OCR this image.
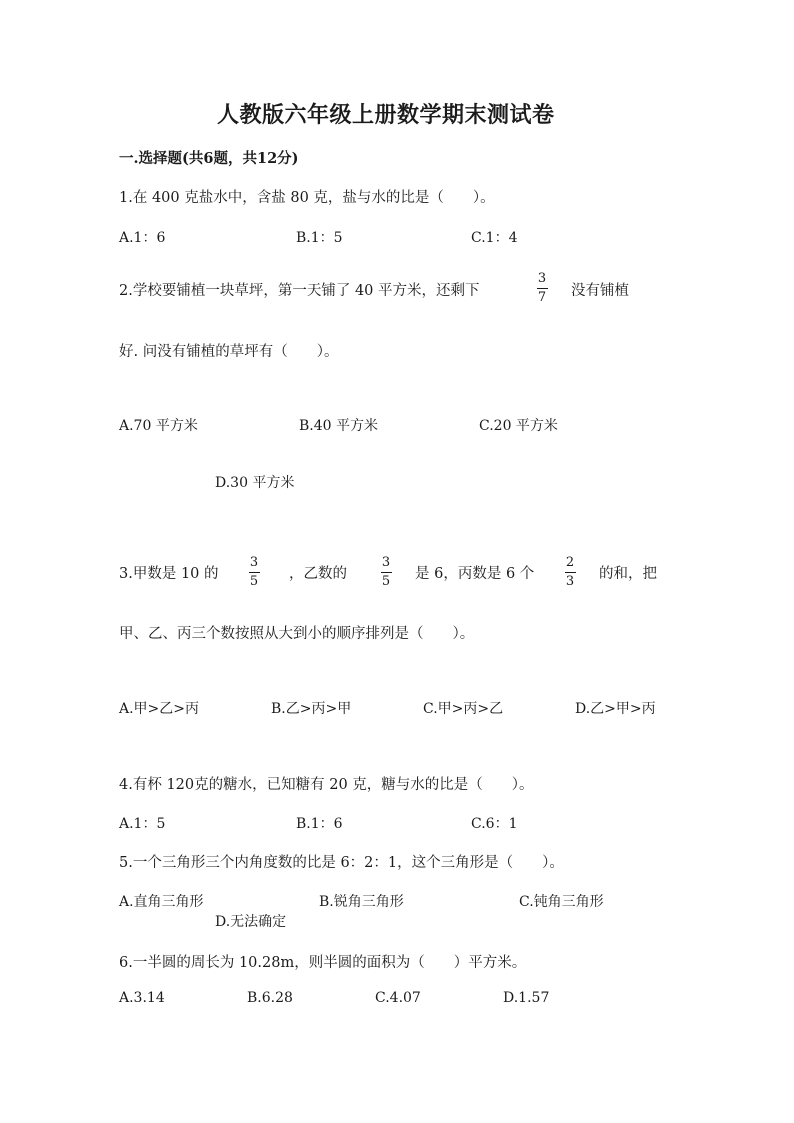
人教版六年级上册数学期末测试卷
一.选择题(共6题，共12分)
1.在 400 克盐水中，含盐 80 克，盐与水的比是（　　）。
A.1：6	B.1：5	C.1：4
2.学校要铺植一块草坪，第一天铺了 40 平方米，还剩下
3
7 没有铺植
好. 问没有铺植的草坪有（　　）。
A.70 平方米	B.40 平方米	C.20 平方米
D.30 平方米
3.甲数是 10 的
3
5 ，乙数的
3
5 是 6，丙数是 6 个
2
3 的和，把
甲、乙、丙三个数按照从大到小的顺序排列是（　　）。
A.甲>乙>丙	B.乙>丙>甲	C.甲>丙>乙	D.乙>甲>丙
4.有杯 120克的糖水，已知糖有 20 克，糖与水的比是（　　）。
A.1：5	B.1：6	C.6：1
5.一个三角形三个内角度数的比是 6：2：1，这个三角形是（　　）。
A.直角三角形	B.锐角三角形	C.钝角三角形
D.无法确定
6.一半圆的周长为 10.28m，则半圆的面积为（　　）平方米。
A.3.14	B.6.28	C.4.07	D.1.57
